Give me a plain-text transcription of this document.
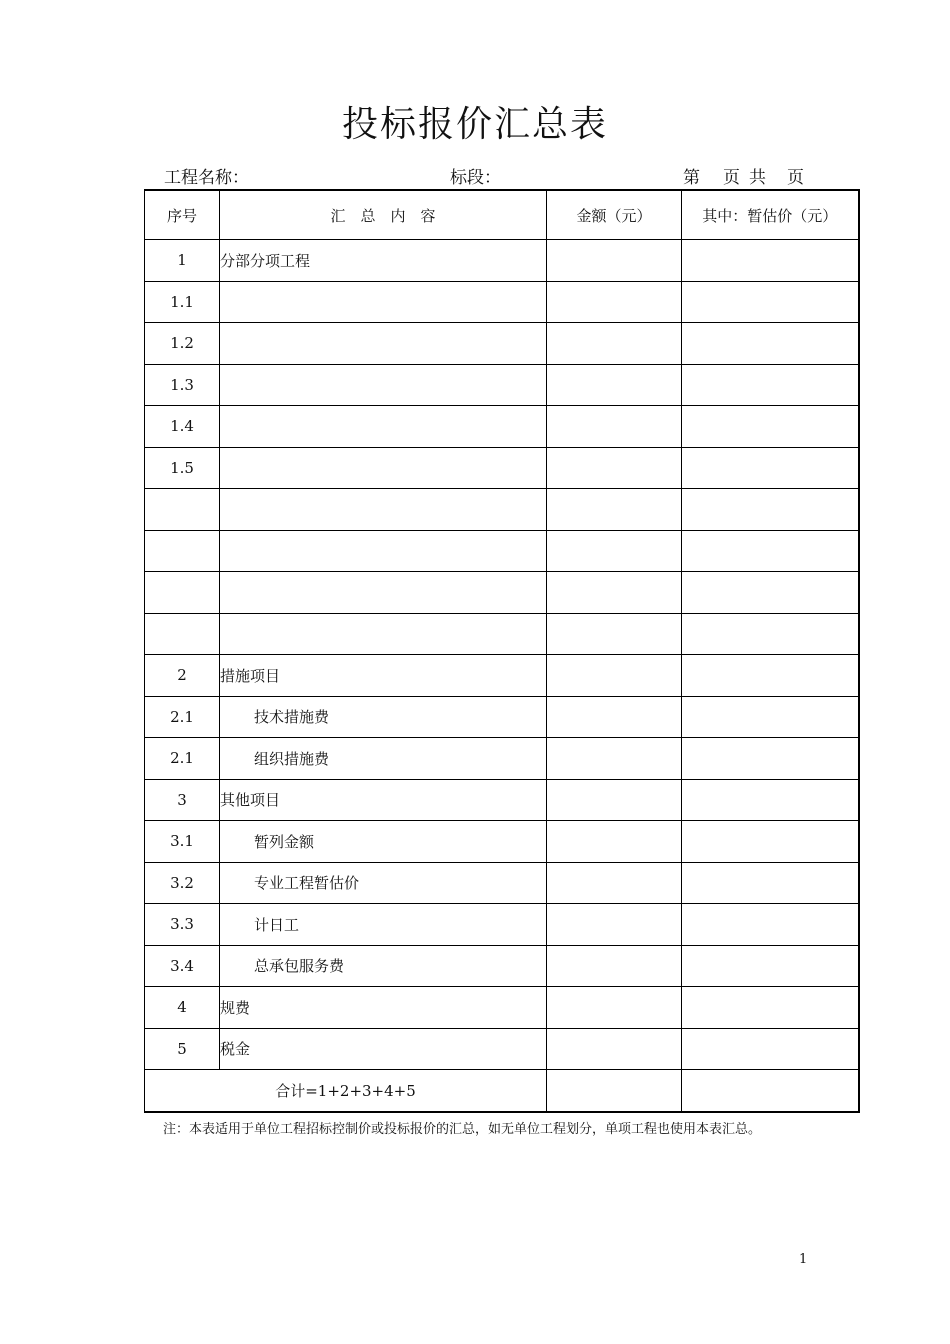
投标报价汇总表
工程名称：	标段：	第 页 共 页
序号	汇　总　内　容	金额（元）	其中：暂估价（元）
1	分部分项工程		
1.1			
1.2			
1.3			
1.4			
1.5			

2	措施项目		
2.1	技术措施费		
2.1	组织措施费		
3	其他项目		
3.1	暂列金额		
3.2	专业工程暂估价		
3.3	计日工		
3.4	总承包服务费		
4	规费		
5	税金		
合计=1+2+3+4+5			
注：本表适用于单位工程招标控制价或投标报价的汇总，如无单位工程划分，单项工程也使用本表汇总。
1
